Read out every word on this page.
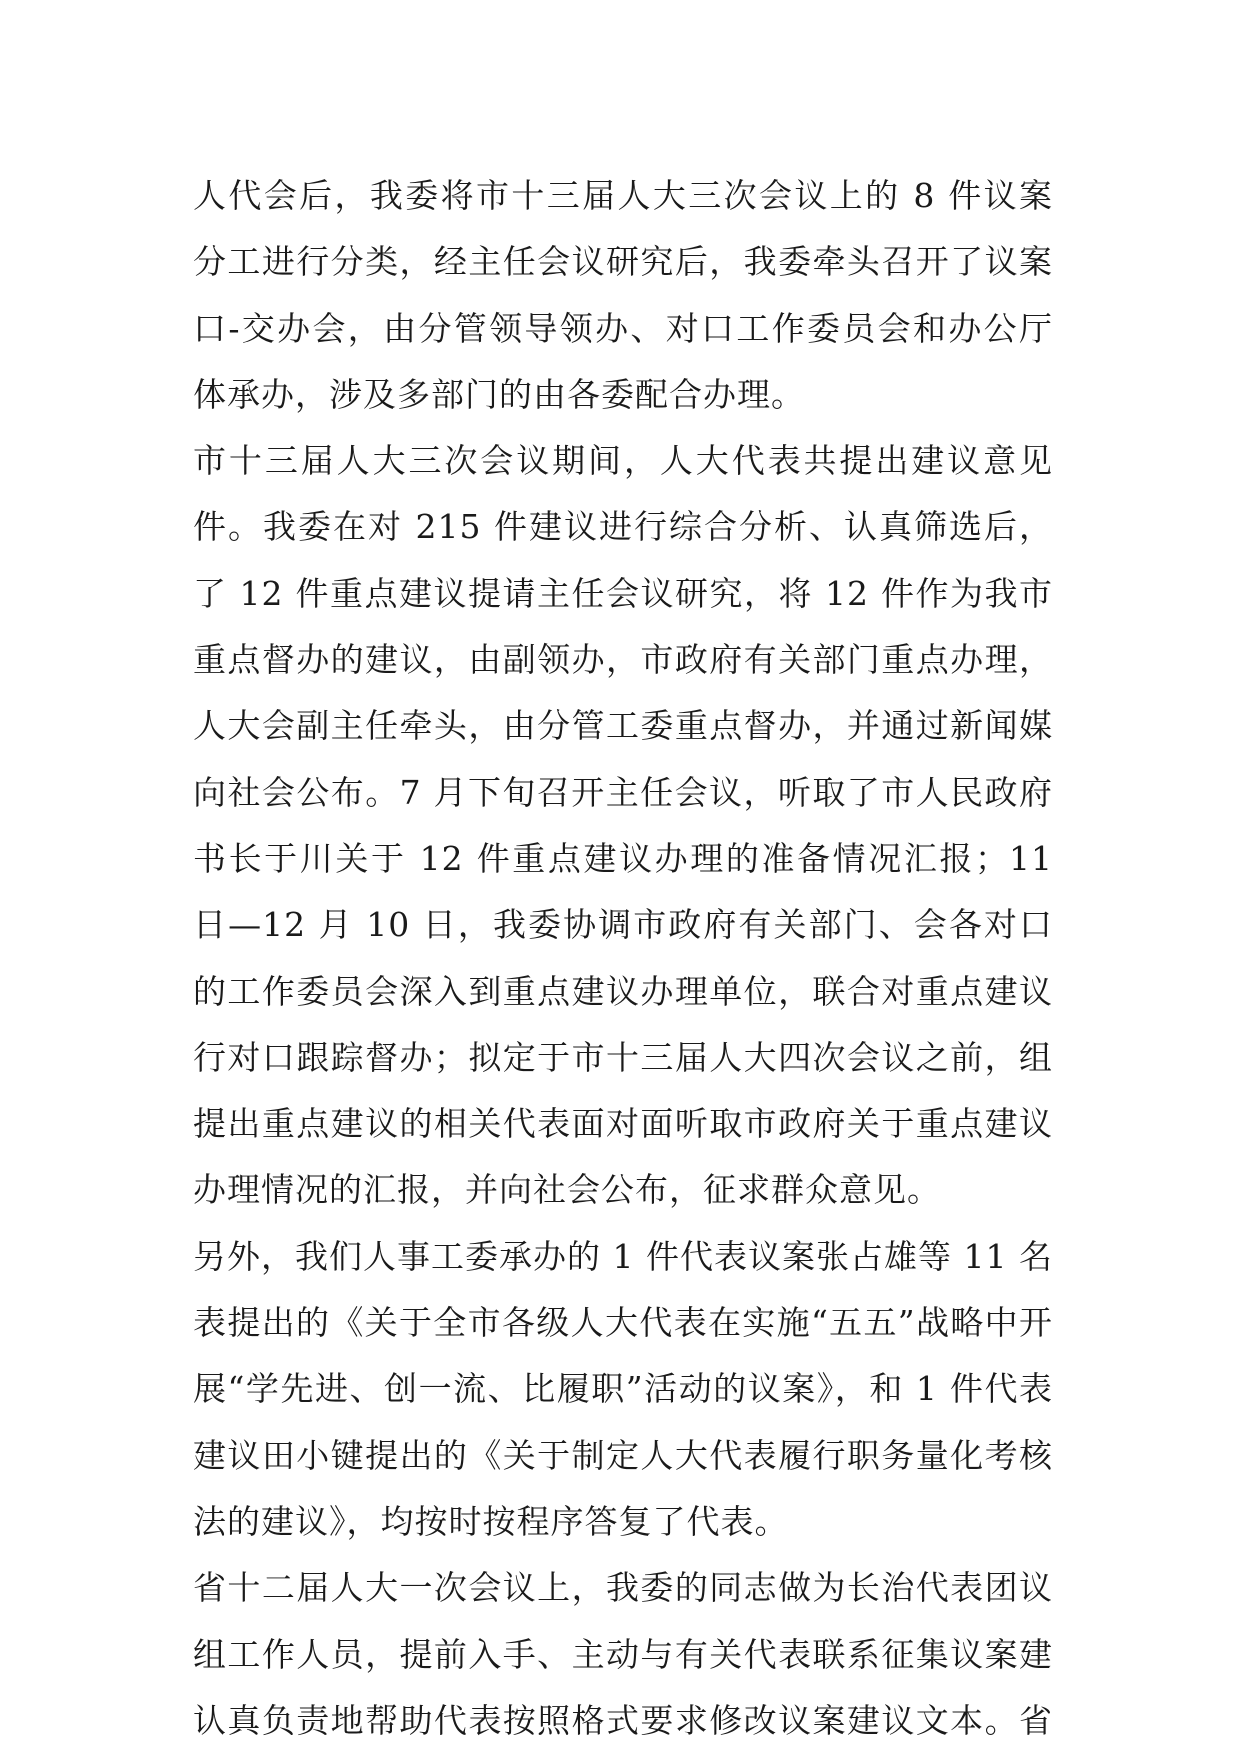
人代会后，我委将市十三届人大三次会议上的 8 件议案
分工进行分类，经主任会议研究后，我委牵头召开了议案
口-交办会，由分管领导领办、对口工作委员会和办公厅
体承办，涉及多部门的由各委配合办理。
市十三届人大三次会议期间，人大代表共提出建议意见
件。我委在对 215 件建议进行综合分析、认真筛选后，
了 12 件重点建议提请主任会议研究，将 12 件作为我市
重点督办的建议，由副领办，市政府有关部门重点办理，
人大会副主任牵头，由分管工委重点督办，并通过新闻媒
向社会公布。7 月下旬召开主任会议，听取了市人民政府
书长于川关于 12 件重点建议办理的准备情况汇报；11
日—12 月 10 日，我委协调市政府有关部门、会各对口
的工作委员会深入到重点建议办理单位，联合对重点建议
行对口跟踪督办；拟定于市十三届人大四次会议之前，组
提出重点建议的相关代表面对面听取市政府关于重点建议
办理情况的汇报，并向社会公布，征求群众意见。
另外，我们人事工委承办的 1 件代表议案张占雄等 11 名
表提出的《关于全市各级人大代表在实施“五五”战略中开
展“学先进、创一流、比履职”活动的议案》，和 1 件代表
建议田小键提出的《关于制定人大代表履行职务量化考核
法的建议》，均按时按程序答复了代表。
省十二届人大一次会议上，我委的同志做为长治代表团议
组工作人员，提前入手、主动与有关代表联系征集议案建
认真负责地帮助代表按照格式要求修改议案建议文本。省
